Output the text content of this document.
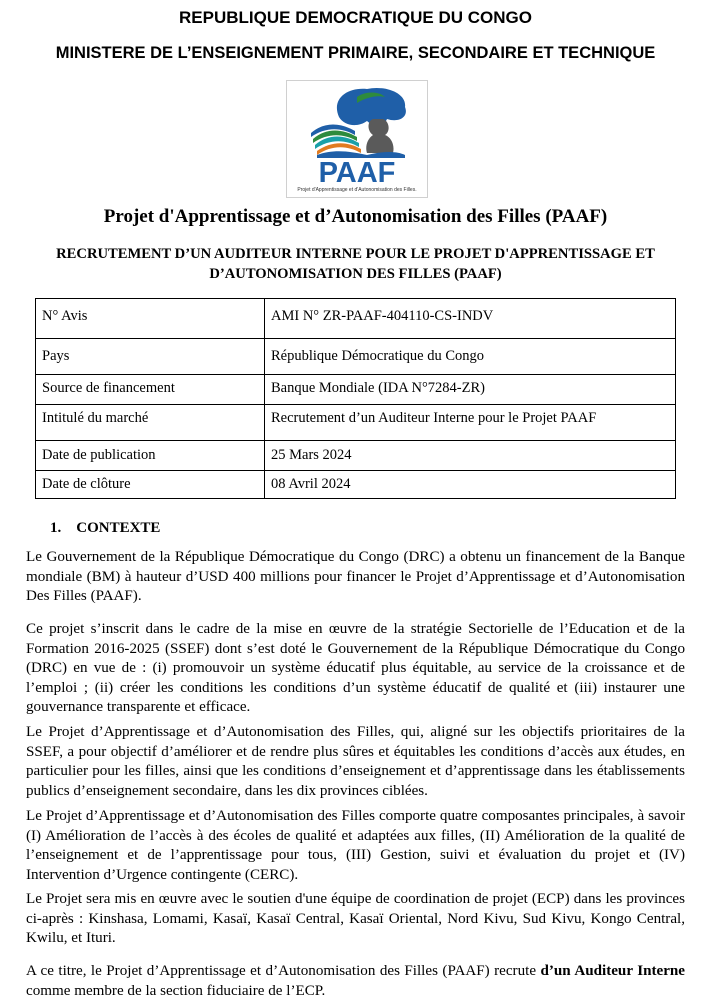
REPUBLIQUE DEMOCRATIQUE DU CONGO
MINISTERE DE L’ENSEIGNEMENT PRIMAIRE, SECONDAIRE ET TECHNIQUE
PAAF
Projet d'Apprentissage et d'Autonomisation des Filles.
Projet d'Apprentissage et d’Autonomisation des Filles (PAAF)
RECRUTEMENT D’UN AUDITEUR INTERNE POUR LE PROJET D'APPRENTISSAGE ET D’AUTONOMISATION DES FILLES (PAAF)
N° Avis	AMI N° ZR-PAAF-404110-CS-INDV
Pays	République Démocratique du Congo
Source de financement	Banque Mondiale (IDA N°7284-ZR)
Intitulé du marché	Recrutement d’un Auditeur Interne pour le Projet PAAF
Date de publication	25 Mars 2024
Date de clôture	08 Avril 2024
1. CONTEXTE

Le Gouvernement de la République Démocratique du Congo (DRC) a obtenu un financement de la Banque mondiale (BM) à hauteur d’USD 400 millions pour financer le Projet d’Apprentissage et d’Autonomisation Des Filles (PAAF).

Ce projet s’inscrit dans le cadre de la mise en œuvre de la stratégie Sectorielle de l’Education et de la Formation 2016-2025 (SSEF) dont s’est doté le Gouvernement de la République Démocratique du Congo (DRC) en vue de : (i) promouvoir un système éducatif plus équitable, au service de la croissance et de l’emploi ; (ii) créer les conditions les conditions d’un système éducatif de qualité et (iii) instaurer une gouvernance transparente et efficace.

Le Projet d’Apprentissage et d’Autonomisation des Filles, qui, aligné sur les objectifs prioritaires de la SSEF, a pour objectif d’améliorer et de rendre plus sûres et équitables les conditions d’accès aux études, en particulier pour les filles, ainsi que les conditions d’enseignement et d’apprentissage dans les établissements publics d’enseignement secondaire, dans les dix provinces ciblées.

Le Projet d’Apprentissage et d’Autonomisation des Filles comporte quatre composantes principales, à savoir (I) Amélioration de l’accès à des écoles de qualité et adaptées aux filles, (II) Amélioration de la qualité de l’enseignement et de l’apprentissage pour tous, (III) Gestion, suivi et évaluation du projet et (IV) Intervention d’Urgence contingente (CERC).

Le Projet sera mis en œuvre avec le soutien d'une équipe de coordination de projet (ECP) dans les provinces ci-après : Kinshasa, Lomami, Kasaï, Kasaï Central, Kasaï Oriental, Nord Kivu, Sud Kivu, Kongo Central, Kwilu, et Ituri.

A ce titre, le Projet d’Apprentissage et d’Autonomisation des Filles (PAAF) recrute d’un Auditeur Interne comme membre de la section fiduciaire de l’ECP.
